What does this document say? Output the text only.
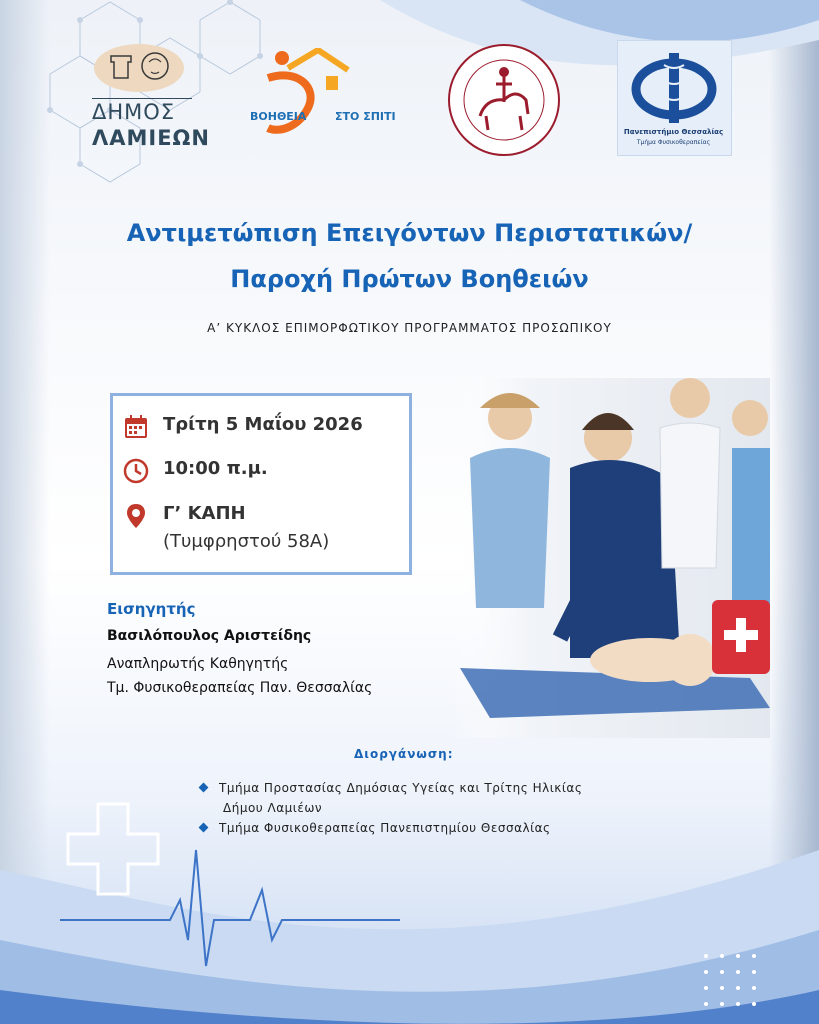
ΔΗΜΟΣ
ΛΑΜΙΕΩΝ
ΒΟΗΘΕΙΑ	ΣΤΟ ΣΠΙΤΙ
Πανεπιστήμιο Θεσσαλίας
Τμήμα Φυσικοθεραπείας
Αντιμετώπιση Επειγόντων Περιστατικών/
Παροχή Πρώτων Βοηθειών
Α’ ΚΥΚΛΟΣ ΕΠΙΜΟΡΦΩΤΙΚΟΥ ΠΡΟΓΡΑΜΜΑΤΟΣ ΠΡΟΣΩΠΙΚΟΥ
Τρίτη 5 Μαΐου 2026
10:00 π.μ.
Γ’ ΚΑΠΗ
(Τυμφρηστού 58Α)
Εισηγητής
Βασιλόπουλος Αριστείδης
Αναπληρωτής Καθηγητής
Τμ. Φυσικοθεραπείας Παν. Θεσσαλίας
Διοργάνωση:
Τμήμα Προστασίας Δημόσιας Υγείας και Τρίτης Ηλικίας
Δήμου Λαμιέων
Τμήμα Φυσικοθεραπείας Πανεπιστημίου Θεσσαλίας
